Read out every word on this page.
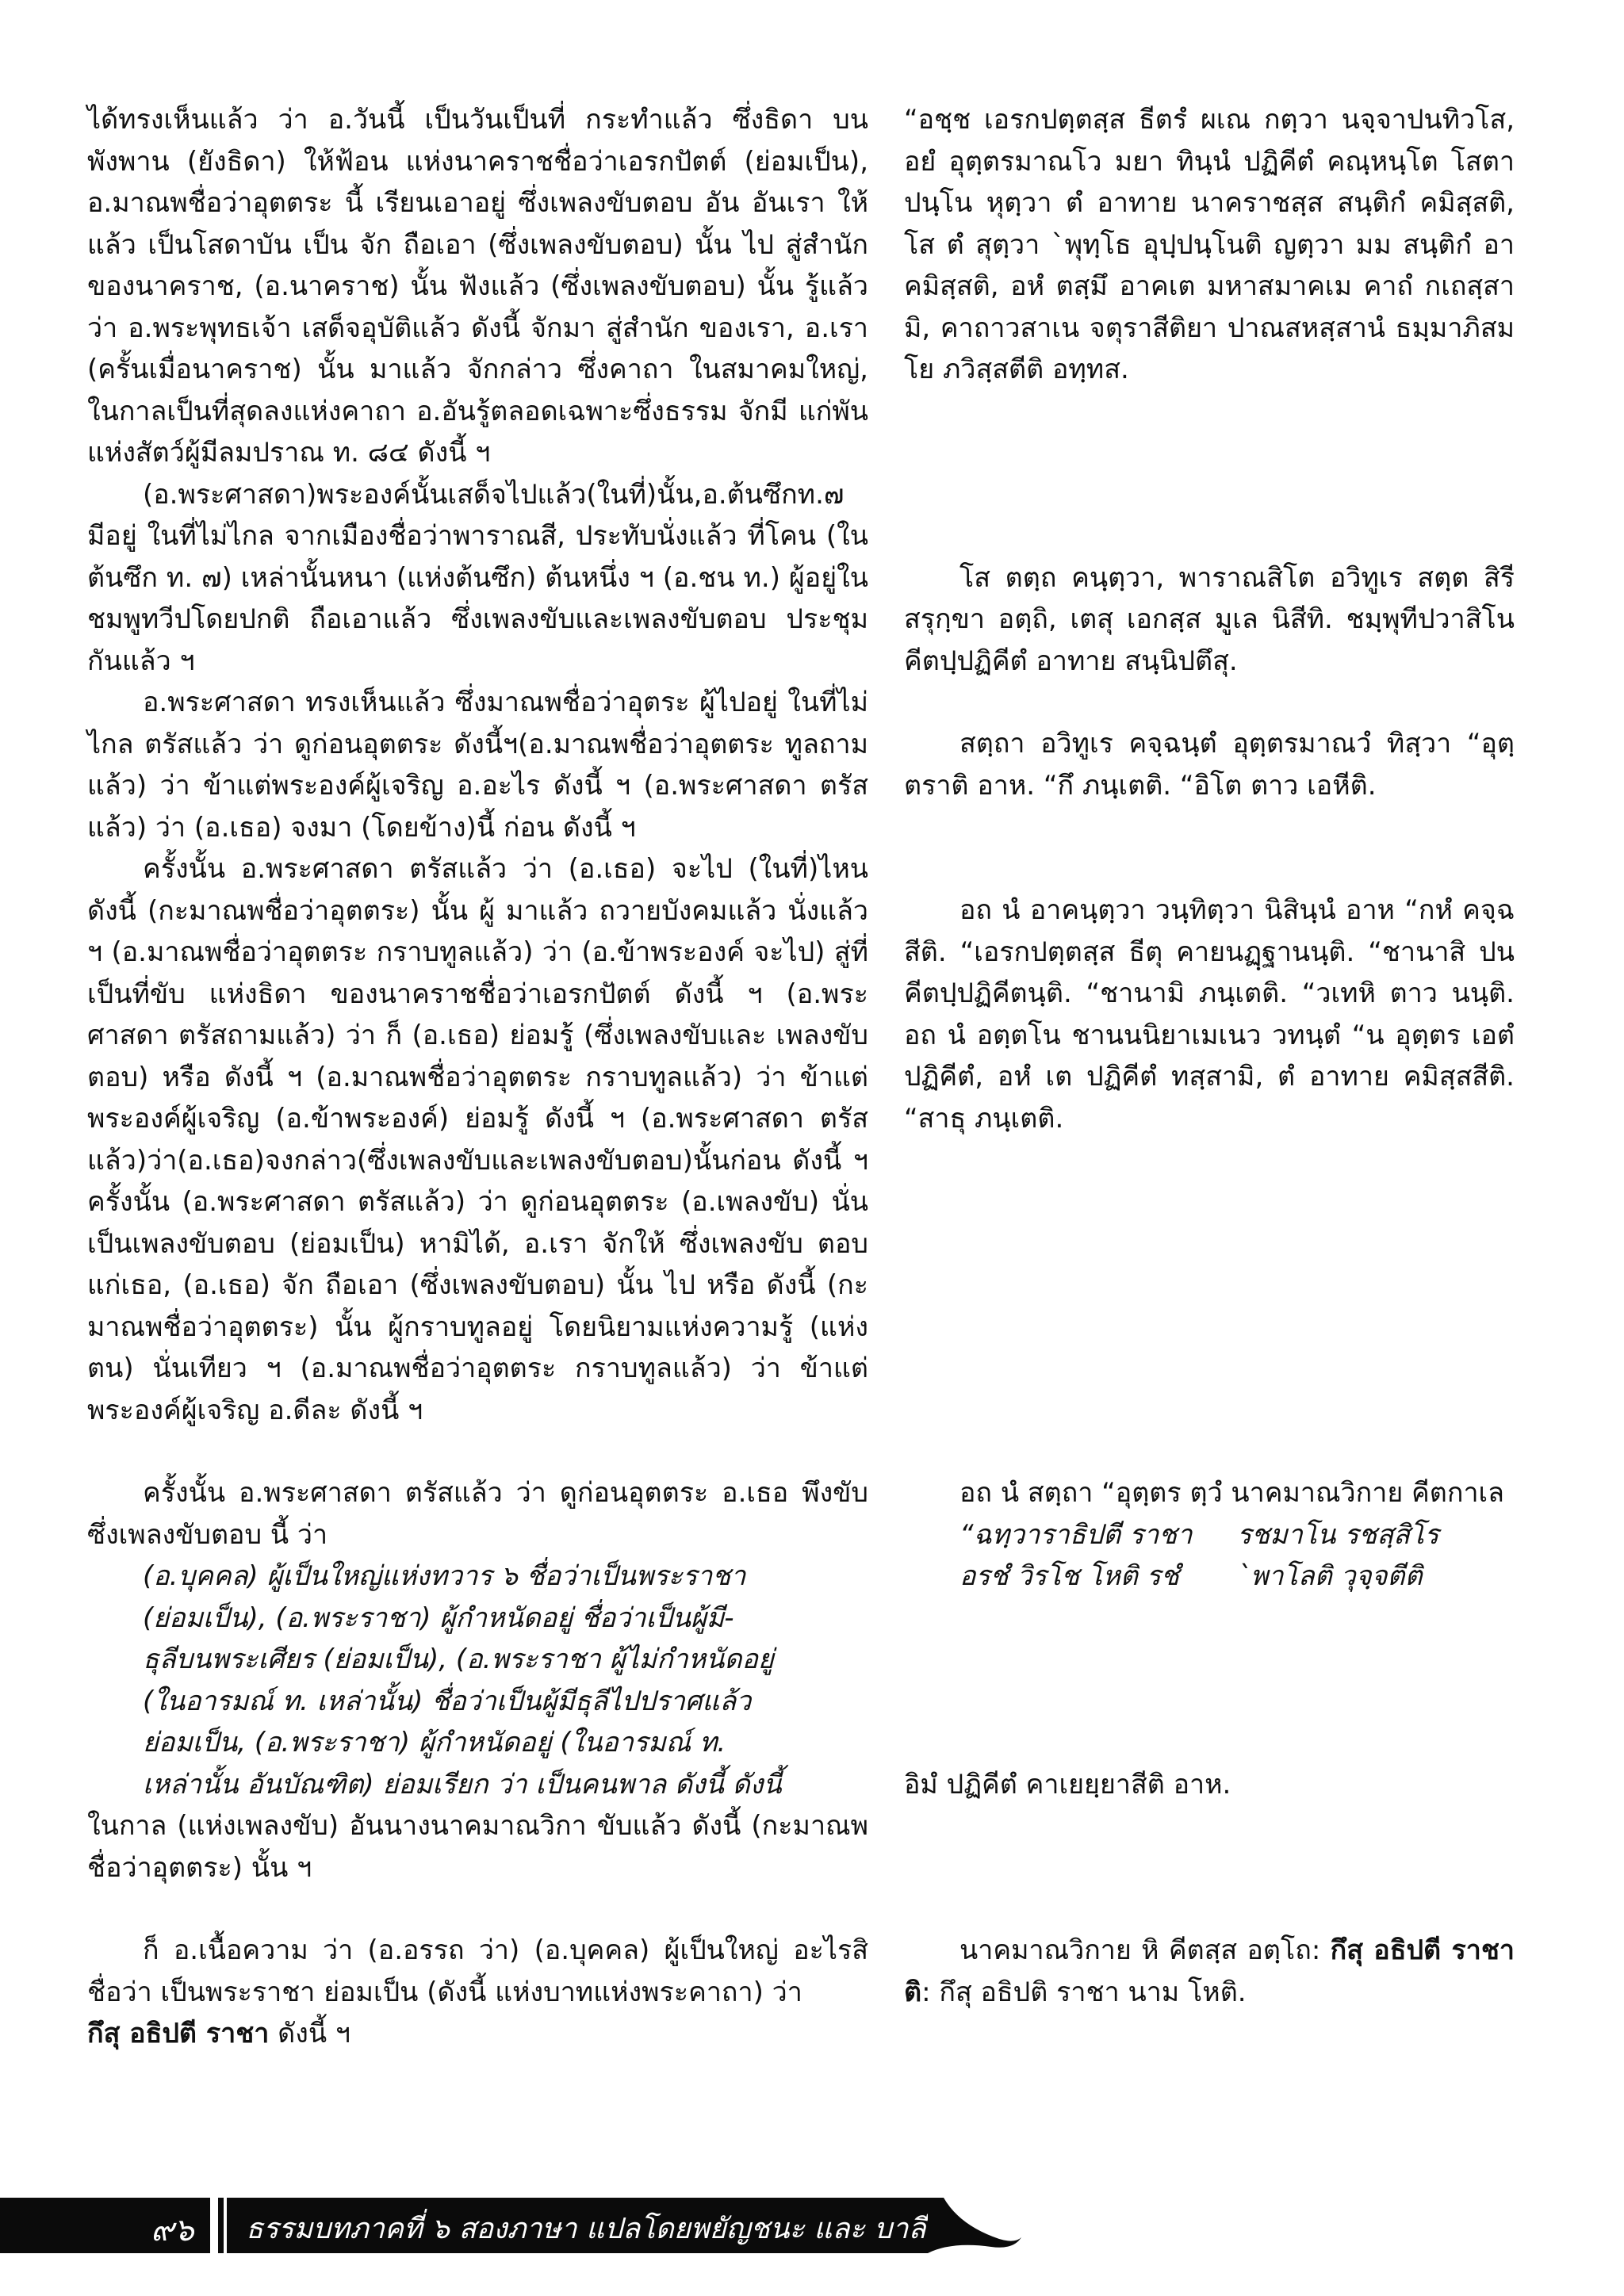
ได้ทรงเห็นแล้ว ว่า อ.วันนี้ เป็นวันเป็นที่ กระทำแล้ว ซึ่งธิดา บนพังพาน (ยังธิดา) ให้ฟ้อน แห่งนาคราชชื่อว่าเอรกปัตต์ (ย่อมเป็น), อ.มาณพชื่อว่าอุตตระ นี้ เรียนเอาอยู่ ซึ่งเพลงขับตอบ อัน อันเรา ให้แล้ว เป็นโสดาบัน เป็น จัก ถือเอา (ซึ่งเพลงขับตอบ) นั้น ไป สู่สำนัก ของนาคราช, (อ.นาคราช) นั้น ฟังแล้ว (ซึ่งเพลงขับตอบ) นั้น รู้แล้ว ว่า อ.พระพุทธเจ้า เสด็จอุบัติแล้ว ดังนี้ จักมา สู่สำนัก ของเรา, อ.เรา (ครั้นเมื่อนาคราช) นั้น มาแล้ว จักกล่าว ซึ่งคาถา ในสมาคมใหญ่, ในกาลเป็นที่สุดลงแห่งคาถา อ.อันรู้ตลอดเฉพาะซึ่งธรรม จักมี แก่พันแห่งสัตว์ผู้มีลมปราณ ท. ๘๔ ดังนี้ ฯ

“อชฺช เอรกปตฺตสฺส ธีตรํ ผเณ กตฺวา นจฺจาปนทิวโส, อยํ อุตฺตรมาณโว มยา ทินฺนํ ปฏิคีตํ คณฺหนฺโต โสตาปนฺโน หุตฺวา ตํ อาทาย นาคราชสฺส สนฺติกํ คมิสฺสติ, โส ตํ สุตฺวา `พุทฺโธ อุปฺปนฺโนติ ญตฺวา มม สนฺติกํ อาคมิสฺสติ, อหํ ตสฺมึ อาคเต มหาสมาคเม คาถํ กเถสฺสามิ, คาถาวสาเน จตุราสีติยา ปาณสหสฺสานํ ธมฺมาภิสมโย ภวิสฺสตีติ อทฺทส.

(อ.พระศาสดา)พระองค์นั้นเสด็จไปแล้ว(ในที่)นั้น,อ.ต้นซึกท.๗ มีอยู่ ในที่ไม่ไกล จากเมืองชื่อว่าพาราณสี, ประทับนั่งแล้ว ที่โคน (ในต้นซึก ท. ๗) เหล่านั้นหนา (แห่งต้นซึก) ต้นหนึ่ง ฯ (อ.ชน ท.) ผู้อยู่ในชมพูทวีปโดยปกติ ถือเอาแล้ว ซึ่งเพลงขับและเพลงขับตอบ ประชุมกันแล้ว ฯ

โส ตตฺถ คนฺตฺวา, พาราณสิโต อวิทูเร สตฺต สิรีสรุกฺขา อตฺถิ, เตสุ เอกสฺส มูเล นิสีทิ. ชมฺพุทีปวาสิโน คีตปฺปฏิคีตํ อาทาย สนฺนิปตึสุ.

อ.พระศาสดา ทรงเห็นแล้ว ซึ่งมาณพชื่อว่าอุตระ ผู้ไปอยู่ ในที่ไม่ไกล ตรัสแล้ว ว่า ดูก่อนอุตตระ ดังนี้ฯ(อ.มาณพชื่อว่าอุตตระ ทูลถามแล้ว) ว่า ข้าแต่พระองค์ผู้เจริญ อ.อะไร ดังนี้ ฯ (อ.พระศาสดา ตรัสแล้ว) ว่า (อ.เธอ) จงมา (โดยข้าง)นี้ ก่อน ดังนี้ ฯ

สตฺถา อวิทูเร คจฺฉนฺตํ อุตฺตรมาณวํ ทิสฺวา “อุตฺตราติ อาห. “กึ ภนฺเตติ. “อิโต ตาว เอหีติ.

ครั้งนั้น อ.พระศาสดา ตรัสแล้ว ว่า (อ.เธอ) จะไป (ในที่)ไหน ดังนี้ (กะมาณพชื่อว่าอุตตระ) นั้น ผู้ มาแล้ว ถวายบังคมแล้ว นั่งแล้ว ฯ (อ.มาณพชื่อว่าอุตตระ กราบทูลแล้ว) ว่า (อ.ข้าพระองค์ จะไป) สู่ที่เป็นที่ขับ แห่งธิดา ของนาคราชชื่อว่าเอรกปัตต์ ดังนี้ ฯ (อ.พระศาสดา ตรัสถามแล้ว) ว่า ก็ (อ.เธอ) ย่อมรู้ (ซึ่งเพลงขับและ เพลงขับตอบ) หรือ ดังนี้ ฯ (อ.มาณพชื่อว่าอุตตระ กราบทูลแล้ว) ว่า ข้าแต่พระองค์ผู้เจริญ (อ.ข้าพระองค์) ย่อมรู้ ดังนี้ ฯ (อ.พระศาสดา ตรัสแล้ว)ว่า(อ.เธอ)จงกล่าว(ซึ่งเพลงขับและเพลงขับตอบ)นั้นก่อน ดังนี้ ฯ ครั้งนั้น (อ.พระศาสดา ตรัสแล้ว) ว่า ดูก่อนอุตตระ (อ.เพลงขับ) นั่น เป็นเพลงขับตอบ (ย่อมเป็น) หามิได้, อ.เรา จักให้ ซึ่งเพลงขับ ตอบ แก่เธอ, (อ.เธอ) จัก ถือเอา (ซึ่งเพลงขับตอบ) นั้น ไป หรือ ดังนี้ (กะมาณพชื่อว่าอุตตระ) นั้น ผู้กราบทูลอยู่ โดยนิยามแห่งความรู้ (แห่งตน) นั่นเทียว ฯ (อ.มาณพชื่อว่าอุตตระ กราบทูลแล้ว) ว่า ข้าแต่พระองค์ผู้เจริญ อ.ดีละ ดังนี้ ฯ

อถ นํ อาคนฺตฺวา วนฺทิตฺวา นิสินฺนํ อาห “กหํ คจฺฉสีติ. “เอรกปตฺตสฺส ธีตุ คายนฏฺฐานนฺติ. “ชานาสิ ปน คีตปฺปฏิคีตนฺติ. “ชานามิ ภนฺเตติ. “วเทหิ ตาว นนฺติ. อถ นํ อตฺตโน ชานนนิยาเมเนว วทนฺตํ “น อุตฺตร เอตํ ปฏิคีตํ, อหํ เต ปฏิคีตํ ทสฺสามิ, ตํ อาทาย คมิสฺสสีติ. “สาธุ ภนฺเตติ.

ครั้งนั้น อ.พระศาสดา ตรัสแล้ว ว่า ดูก่อนอุตตระ อ.เธอ พึงขับ ซึ่งเพลงขับตอบ นี้ ว่า

(อ.บุคคล) ผู้เป็นใหญ่แห่งทวาร ๖ ชื่อว่าเป็นพระราชา

(ย่อมเป็น), (อ.พระราชา) ผู้กำหนัดอยู่ ชื่อว่าเป็นผู้มี-

ธุลีบนพระเศียร (ย่อมเป็น), (อ.พระราชา ผู้ไม่กำหนัดอยู่

(ในอารมณ์ ท. เหล่านั้น) ชื่อว่าเป็นผู้มีธุลีไปปราศแล้ว

ย่อมเป็น, (อ.พระราชา) ผู้กำหนัดอยู่ (ในอารมณ์ ท.

เหล่านั้น อันบัณฑิต) ย่อมเรียก ว่า เป็นคนพาล ดังนี้ ดังนี้

ในกาล (แห่งเพลงขับ) อันนางนาคมาณวิกา ขับแล้ว ดังนี้ (กะมาณพชื่อว่าอุตตระ) นั้น ฯ

อถ นํ สตฺถา “อุตฺตร ตฺวํ นาคมาณวิกาย คีตกาเล

“ฉทฺวาราธิปตี ราชา	รชมาโน รชสฺสิโร
อรชํ วิรโช โหติ รชํ	`พาโลติ วุจฺจตีติ

อิมํ ปฏิคีตํ คาเยยฺยาสีติ อาห.

ก็ อ.เนื้อความ ว่า (อ.อรรถ ว่า) (อ.บุคคล) ผู้เป็นใหญ่ อะไรสิ ชื่อว่า เป็นพระราชา ย่อมเป็น (ดังนี้ แห่งบาทแห่งพระคาถา) ว่า
กึสุ อธิปตี ราชา ดังนี้ ฯ

นาคมาณวิกาย หิ คีตสฺส อตฺโถ: กึสุ อธิปตี ราชาติ: กึสุ อธิปติ ราชา นาม โหติ.

๙๖ ธรรมบทภาคที่ ๖ สองภาษา แปลโดยพยัญชนะ และ บาลี
